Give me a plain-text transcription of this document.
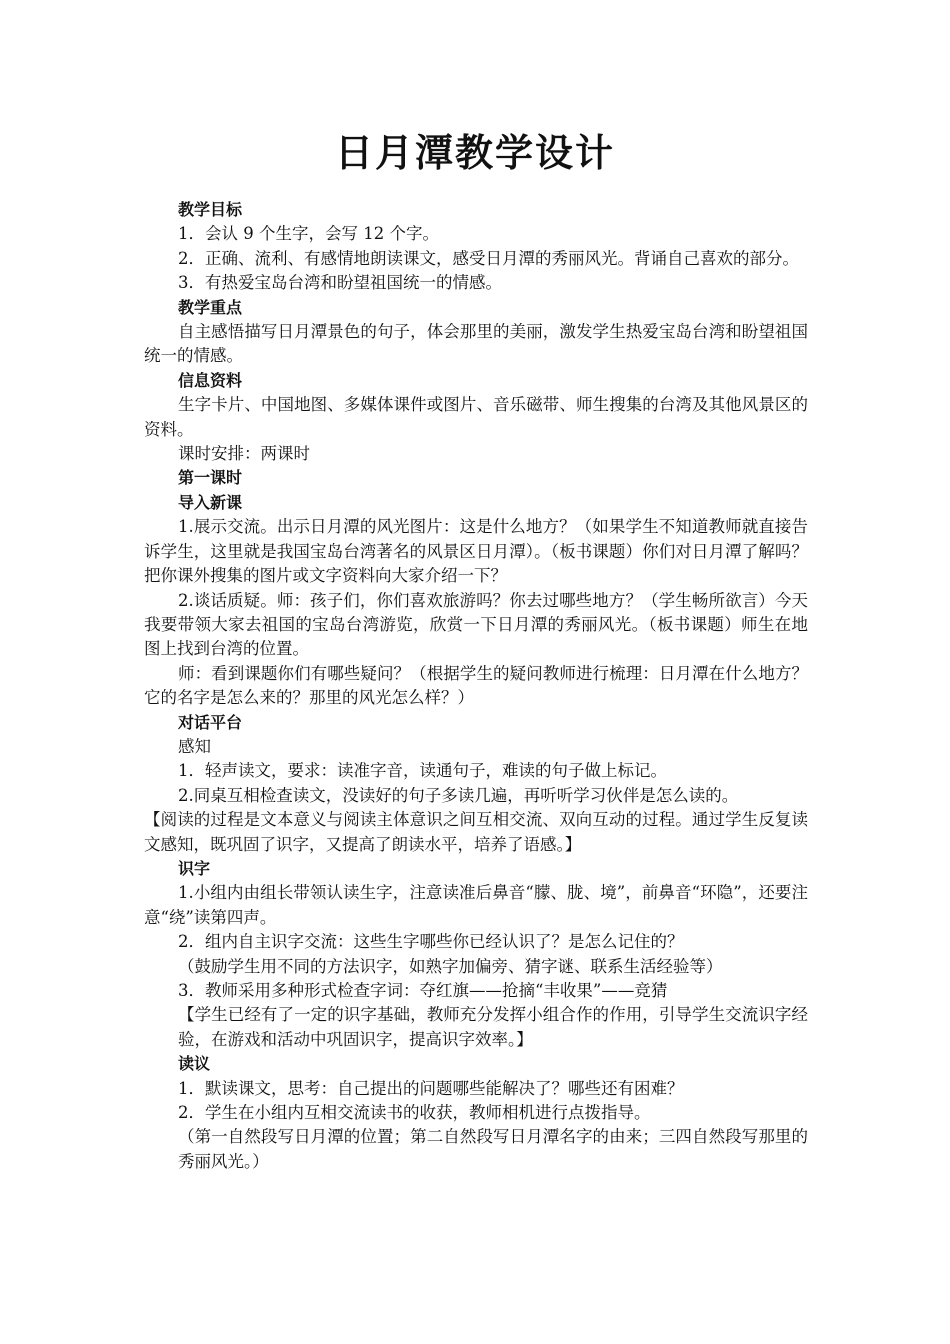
日月潭教学设计

教学目标

1．会认 9 个生字，会写 12 个字。

2．正确、流利、有感情地朗读课文，感受日月潭的秀丽风光。背诵自己喜欢的部分。

3．有热爱宝岛台湾和盼望祖国统一的情感。

教学重点

自主感悟描写日月潭景色的句子，体会那里的美丽，激发学生热爱宝岛台湾和盼望祖国统一的情感。

信息资料

生字卡片、中国地图、多媒体课件或图片、音乐磁带、师生搜集的台湾及其他风景区的资料。

课时安排：两课时

第一课时

导入新课

1.展示交流。出示日月潭的风光图片：这是什么地方？（如果学生不知道教师就直接告诉学生，这里就是我国宝岛台湾著名的风景区日月潭）。（板书课题）你们对日月潭了解吗？　 把你课外搜集的图片或文字资料向大家介绍一下？

2.谈话质疑。师：孩子们，你们喜欢旅游吗？你去过哪些地方？（学生畅所欲言）今天我要带领大家去祖国的宝岛台湾游览，欣赏一下日月潭的秀丽风光。（板书课题）师生在地图上找到台湾的位置。

师：看到课题你们有哪些疑问？（根据学生的疑问教师进行梳理：日月潭在什么地方？它的名字是怎么来的？那里的风光怎么样？）

对话平台

感知

1．轻声读文，要求：读准字音，读通句子，难读的句子做上标记。

2.同桌互相检查读文，没读好的句子多读几遍，再听听学习伙伴是怎么读的。

【阅读的过程是文本意义与阅读主体意识之间互相交流、双向互动的过程。通过学生反复读文感知，既巩固了识字，又提高了朗读水平，培养了语感。】

识字

1.小组内由组长带领认读生字，注意读准后鼻音“朦、胧、境”，前鼻音“环隐”，还要注意“绕”读第四声。

2．组内自主识字交流：这些生字哪些你已经认识了？是怎么记住的？

（鼓励学生用不同的方法识字，如熟字加偏旁、猜字谜、联系生活经验等）

3．教师采用多种形式检查字词：夺红旗——抢摘“丰收果”——竞猜

【学生已经有了一定的识字基础，教师充分发挥小组合作的作用，引导学生交流识字经验，在游戏和活动中巩固识字，提高识字效率。】

读议

1．默读课文，思考：自己提出的问题哪些能解决了？哪些还有困难？

2．学生在小组内互相交流读书的收获，教师相机进行点拨指导。

（第一自然段写日月潭的位置；第二自然段写日月潭名字的由来；三四自然段写那里的秀丽风光。）
